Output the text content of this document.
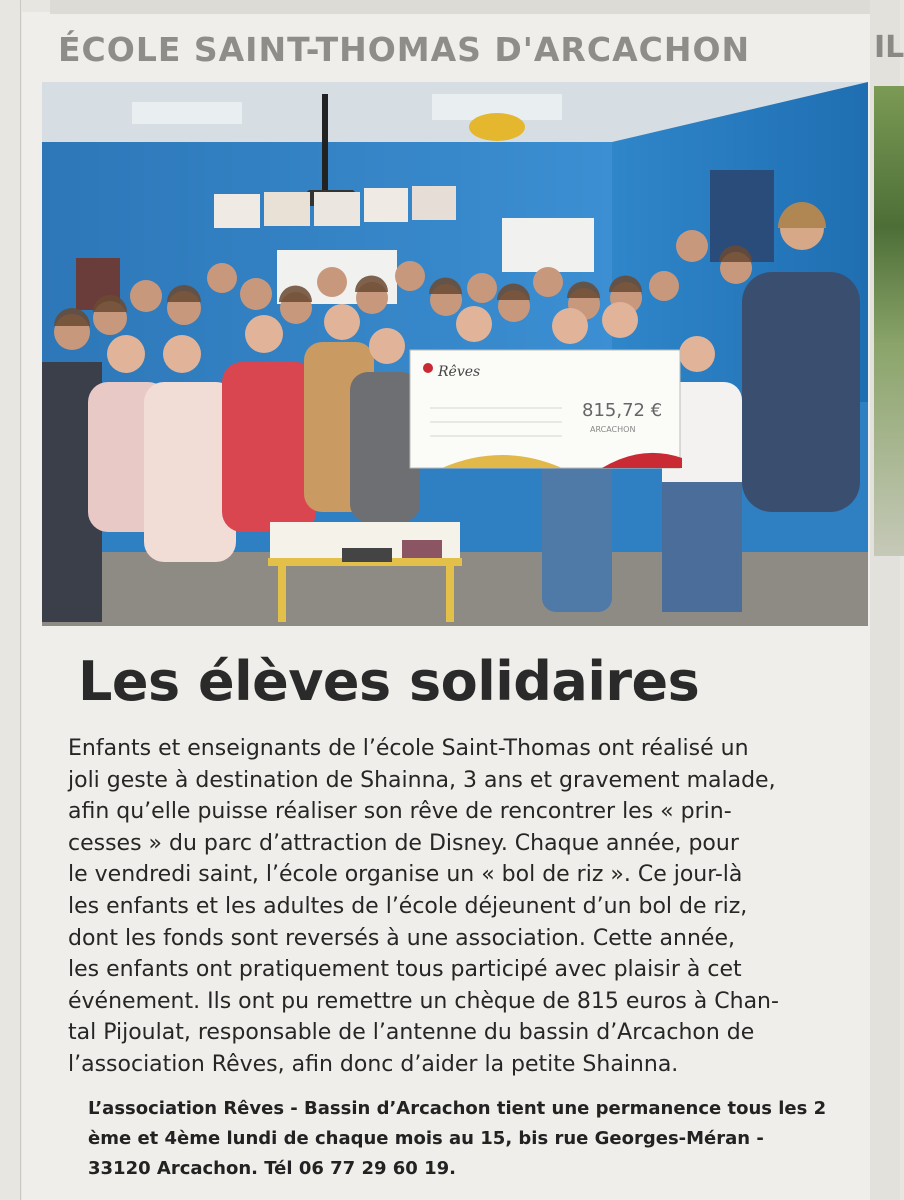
IL
ÉCOLE SAINT-THOMAS D'ARCACHON
Rêves
815,72 €
ARCACHON
Les élèves solidaires
Enfants et enseignants de l’école Saint-Thomas ont réalisé un
joli geste à destination de Shainna, 3 ans et gravement malade,
afin qu’elle puisse réaliser son rêve de rencontrer les « prin-
cesses » du parc d’attraction de Disney. Chaque année, pour
le vendredi saint, l’école organise un « bol de riz ». Ce jour-là
les enfants et les adultes de l’école déjeunent d’un bol de riz,
dont les fonds sont reversés à une association. Cette année,
les enfants ont pratiquement tous participé avec plaisir à cet
événement. Ils ont pu remettre un chèque de 815 euros à Chan-
tal Pijoulat, responsable de l’antenne du bassin d’Arcachon de
l’association Rêves, afin donc d’aider la petite Shainna.
L’association Rêves - Bassin d’Arcachon tient une permanence tous les 2
ème et 4ème lundi de chaque mois au 15, bis rue Georges-Méran -
33120 Arcachon. Tél 06 77 29 60 19.
